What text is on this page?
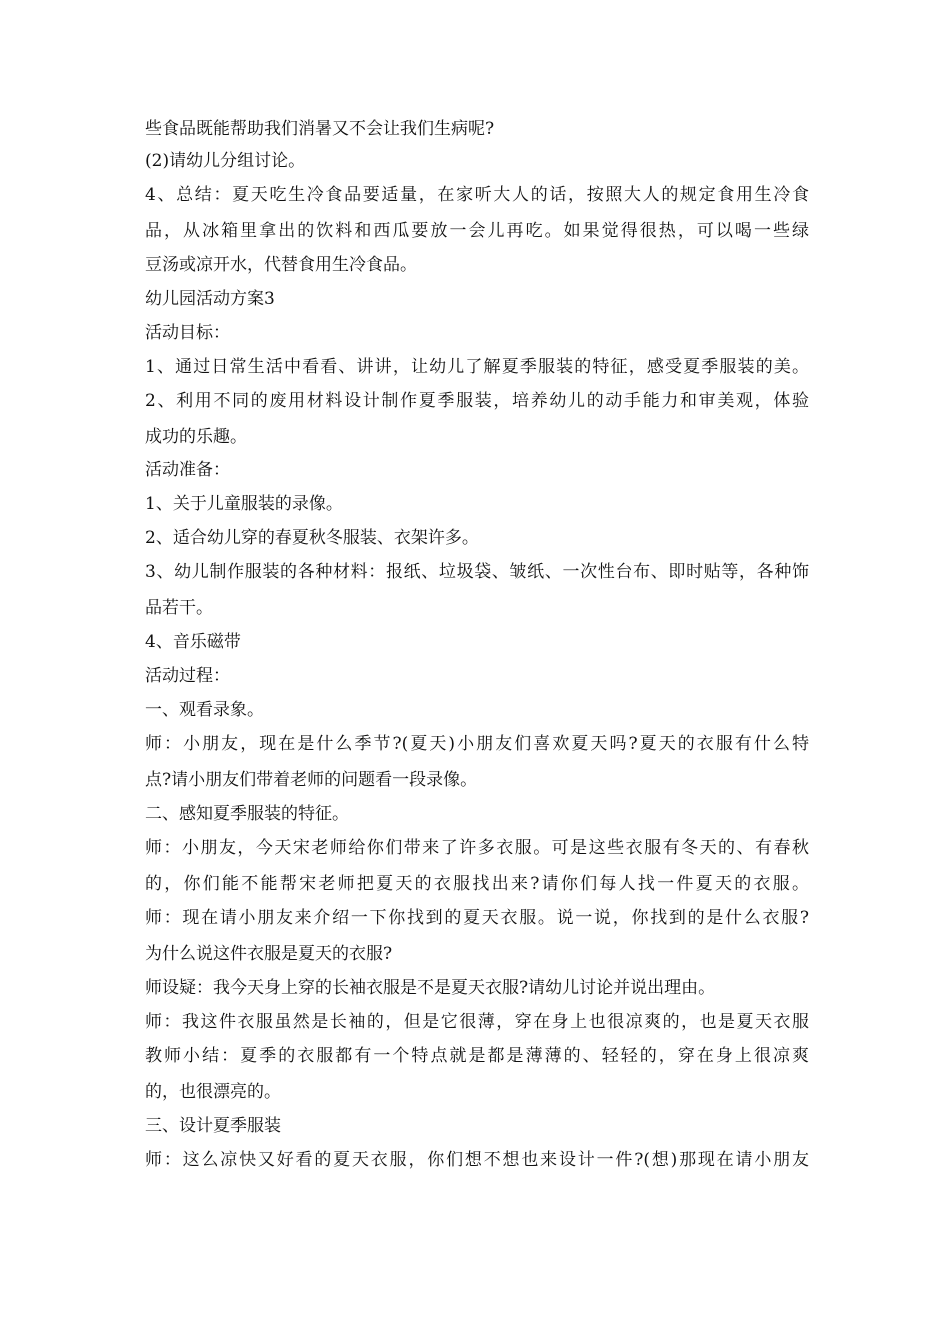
些食品既能帮助我们消暑又不会让我们生病呢?

(2)请幼儿分组讨论。

4、总结：夏天吃生冷食品要适量，在家听大人的话，按照大人的规定食用生冷食

品，从冰箱里拿出的饮料和西瓜要放一会儿再吃。如果觉得很热，可以喝一些绿

豆汤或凉开水，代替食用生冷食品。

幼儿园活动方案3

活动目标：

1、通过日常生活中看看、讲讲，让幼儿了解夏季服装的特征，感受夏季服装的美。

2、利用不同的废用材料设计制作夏季服装，培养幼儿的动手能力和审美观，体验

成功的乐趣。

活动准备：

1、关于儿童服装的录像。

2、适合幼儿穿的春夏秋冬服装、衣架许多。

3、幼儿制作服装的各种材料：报纸、垃圾袋、皱纸、一次性台布、即时贴等，各种饰

品若干。

4、音乐磁带

活动过程：

一、观看录象。

师：小朋友，现在是什么季节?(夏天)小朋友们喜欢夏天吗?夏天的衣服有什么特

点?请小朋友们带着老师的问题看一段录像。

二、感知夏季服装的特征。

师：小朋友，今天宋老师给你们带来了许多衣服。可是这些衣服有冬天的、有春秋

的，你们能不能帮宋老师把夏天的衣服找出来?请你们每人找一件夏天的衣服。

师：现在请小朋友来介绍一下你找到的夏天衣服。说一说，你找到的是什么衣服?

为什么说这件衣服是夏天的衣服?

师设疑：我今天身上穿的长袖衣服是不是夏天衣服?请幼儿讨论并说出理由。

师：我这件衣服虽然是长袖的，但是它很薄，穿在身上也很凉爽的，也是夏天衣服

教师小结：夏季的衣服都有一个特点就是都是薄薄的、轻轻的，穿在身上很凉爽

的，也很漂亮的。

三、设计夏季服装

师：这么凉快又好看的夏天衣服，你们想不想也来设计一件?(想)那现在请小朋友
